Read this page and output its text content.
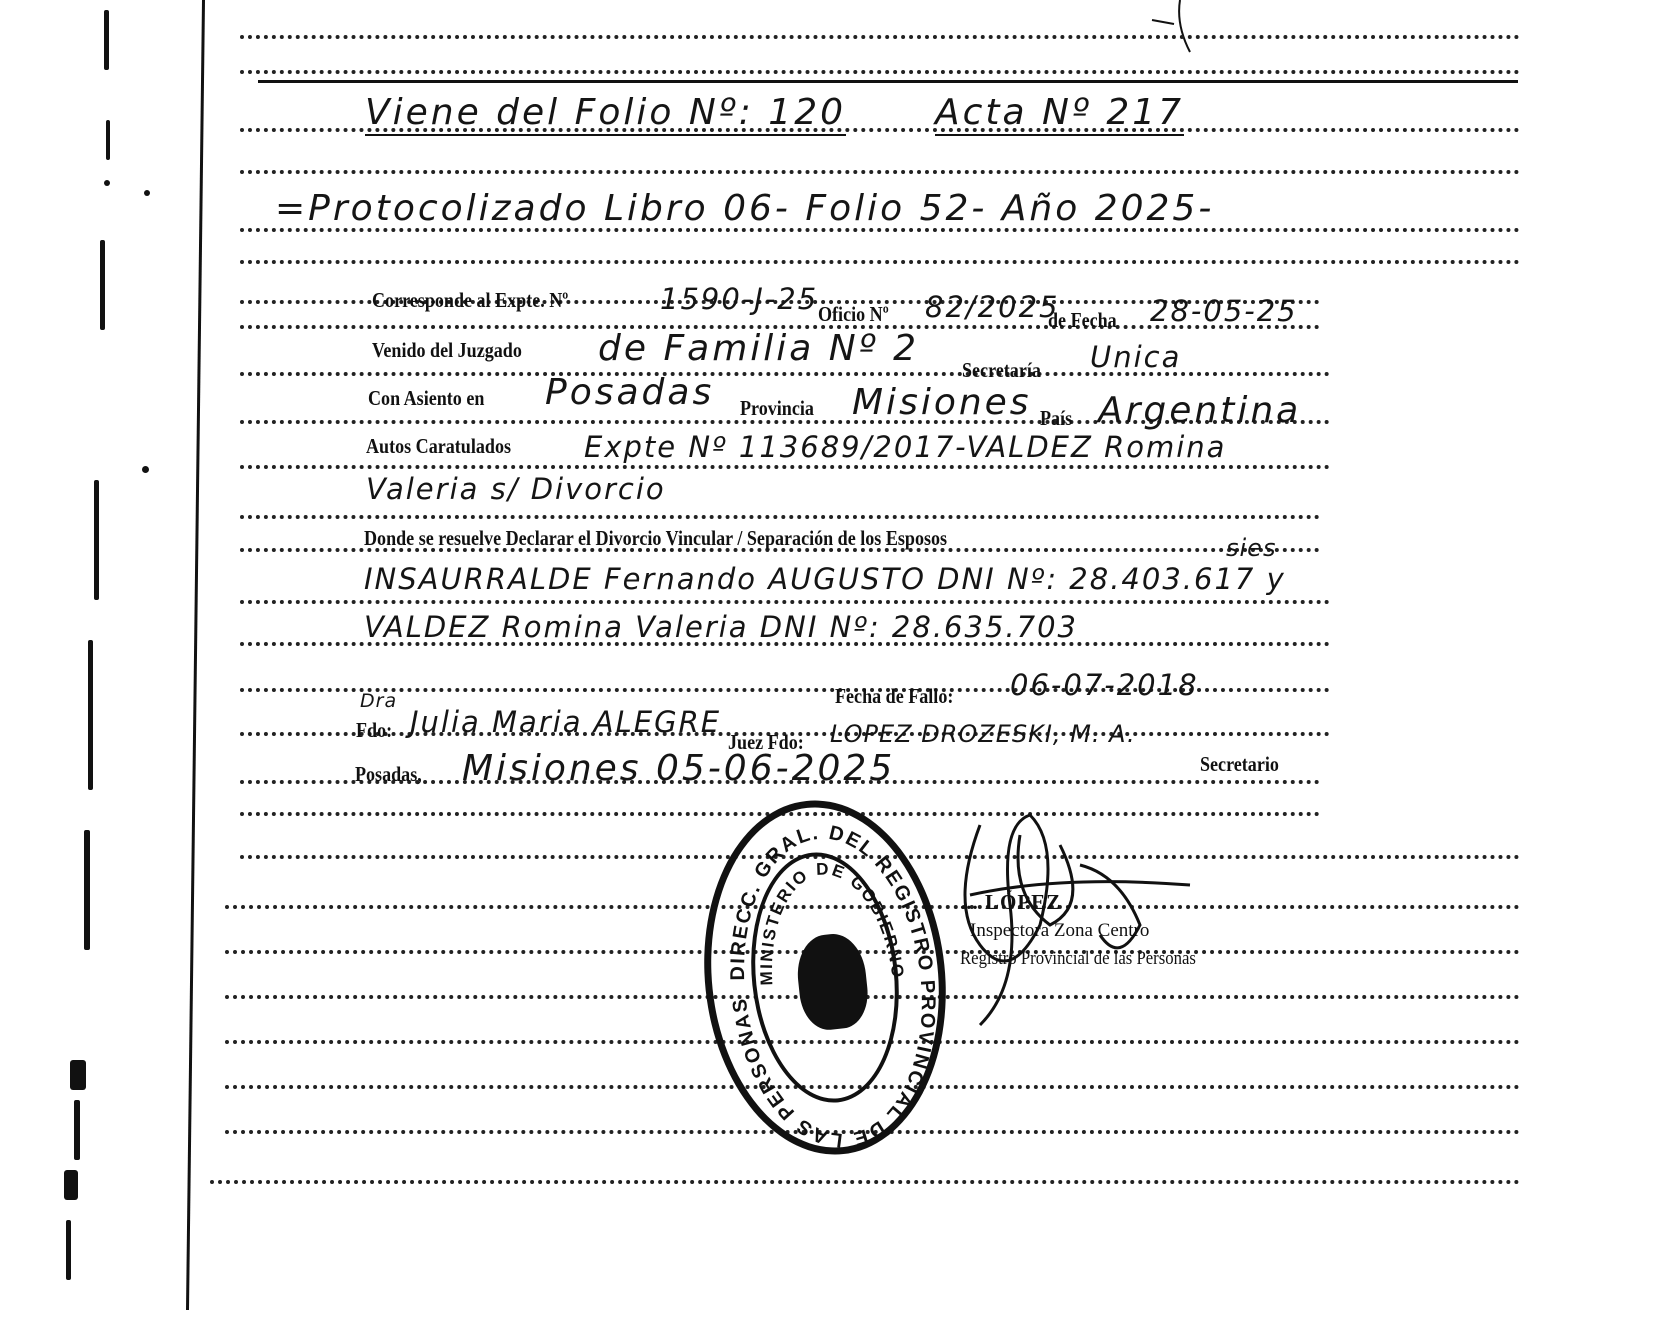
Viene del Folio Nº: 120 Acta Nº 217
=Protocolizado Libro 06- Folio 52- Año 2025-
Corresponde al Expte. Nº	1590-J-25 Oficio Nº 82/2025
de Fecha 28-05-25
Venido del Juzgado de Familia Nº 2
Secretaría Unica
Con Asiento en Posadas Provincia Misiones País Argentina
Autos Caratulados	Expte Nº 113689/2017-VALDEZ Romina
Valeria s/ Divorcio
Donde se resuelve Declarar el Divorcio Vincular / Separación de los Esposos	sies
INSAURRALDE Fernando AUGUSTO DNI Nº: 28.403.617 y
VALDEZ Romina Valeria DNI Nº: 28.635.703
Fecha de Fallo: 06-07-2018
Dra
Fdo: Julia Maria ALEGRE
Juez Fdo: LOPEZ DROZESKI, M. A.
Secretario
Posadas, Misiones 05-06-2025
DIRECC. GRAL. DEL REGISTRO PROVINCIAL DE LAS PERSONAS
MINISTERIO DE GOBIERNO
... LÓPEZ
Inspectora Zona Centro
Registro Provincial de las Personas
